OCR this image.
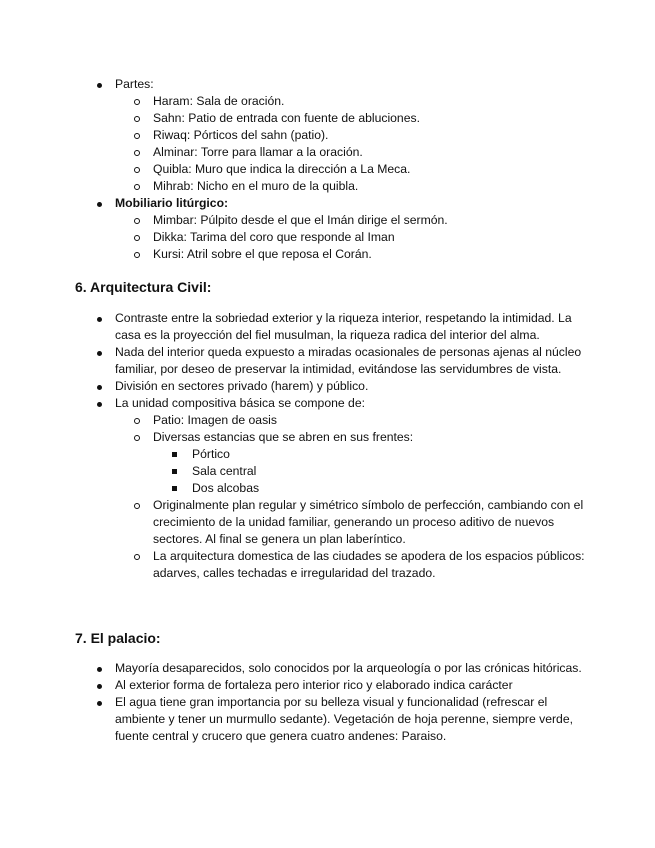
Partes:
Haram: Sala de oración.
Sahn: Patio de entrada con fuente de abluciones.
Riwaq: Pórticos del sahn (patio).
Alminar: Torre para llamar a la oración.
Quibla: Muro que indica la dirección a La Meca.
Mihrab: Nicho en el muro de la quibla.
Mobiliario litúrgico:
Mimbar: Púlpito desde el que el Imán dirige el sermón.
Dikka: Tarima del coro que responde al Iman
Kursi: Atril sobre el que reposa el Corán.
6. Arquitectura Civil:
Contraste entre la sobriedad exterior y la riqueza interior, respetando la intimidad. La casa es la proyección del fiel musulman, la riqueza radica del interior del alma.
Nada del interior queda expuesto a miradas ocasionales de personas ajenas al núcleo familiar, por deseo de preservar la intimidad, evitándose las servidumbres de vista.
División en sectores privado (harem) y público.
La unidad compositiva básica se compone de:
Patio: Imagen de oasis
Diversas estancias que se abren en sus frentes:
Pórtico
Sala central
Dos alcobas
Originalmente plan regular y simétrico símbolo de perfección, cambiando con el crecimiento de la unidad familiar, generando un proceso aditivo de nuevos sectores. Al final se genera un plan laberíntico.
La arquitectura domestica de las ciudades se apodera de los espacios públicos: adarves, calles techadas e irregularidad del trazado.
7. El palacio:
Mayoría desaparecidos, solo conocidos por la arqueología o por las crónicas hitóricas.
Al exterior forma de fortaleza pero interior rico y elaborado indica carácter
El agua tiene gran importancia por su belleza visual y funcionalidad (refrescar el ambiente y tener un murmullo sedante). Vegetación de hoja perenne, siempre verde, fuente central y crucero que genera cuatro andenes: Paraiso.
